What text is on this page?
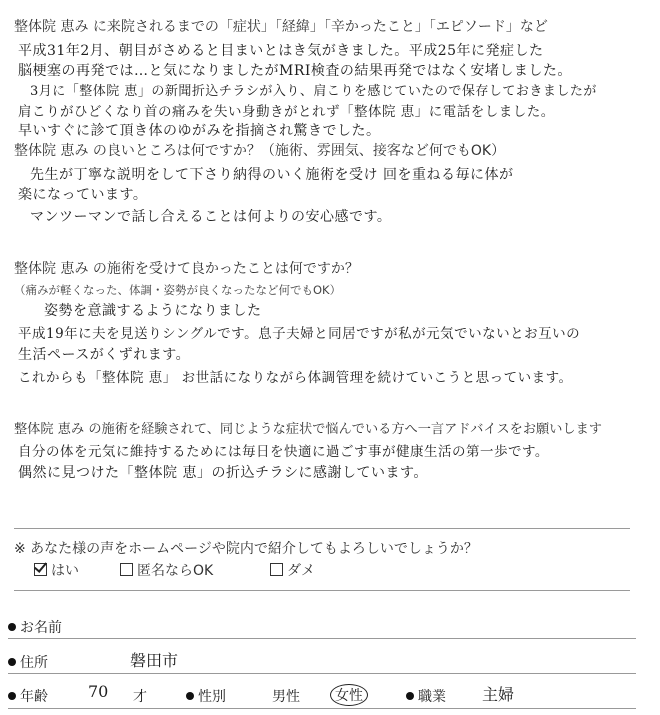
整体院 恵み に来院されるまでの「症状」「経緯」「辛かったこと」「エピソード」など
平成31年2月、朝目がさめると目まいとはき気がきました。平成25年に発症した
脳梗塞の再発では…と気になりましたがMRI検査の結果再発ではなく安堵しました。
3月に「整体院 恵」の新聞折込チラシが入り、肩こりを感じていたので保存しておきましたが
肩こりがひどくなり首の痛みを失い身動きがとれず「整体院 恵」に電話をしました。
早いすぐに診て頂き体のゆがみを指摘され驚きでした。
整体院 恵み の良いところは何ですか？（施術、雰囲気、接客など何でもOK）
先生が丁寧な説明をして下さり納得のいく施術を受け 回を重ねる毎に体が
楽になっています。
マンツーマンで話し合えることは何よりの安心感です。
整体院 恵み の施術を受けて良かったことは何ですか？
（痛みが軽くなった、体調・姿勢が良くなったなど何でもOK）
姿勢を意識するようになりました
平成19年に夫を見送りシングルです。息子夫婦と同居ですが私が元気でいないとお互いの
生活ペースがくずれます。
これからも「整体院 恵」 お世話になりながら体調管理を続けていこうと思っています。
整体院 恵み の施術を経験されて、同じような症状で悩んでいる方へ一言アドバイスをお願いします
自分の体を元気に維持するためには毎日を快適に過ごす事が健康生活の第一歩です。
偶然に見つけた「整体院 恵」の折込チラシに感謝しています。
※ あなた様の声をホームページや院内で紹介してもよろしいでしょうか？
はい	匿名ならOK	ダメ
お名前
住所	磐田市
年齢	70 才	性別	男性	女性	職業 主婦
